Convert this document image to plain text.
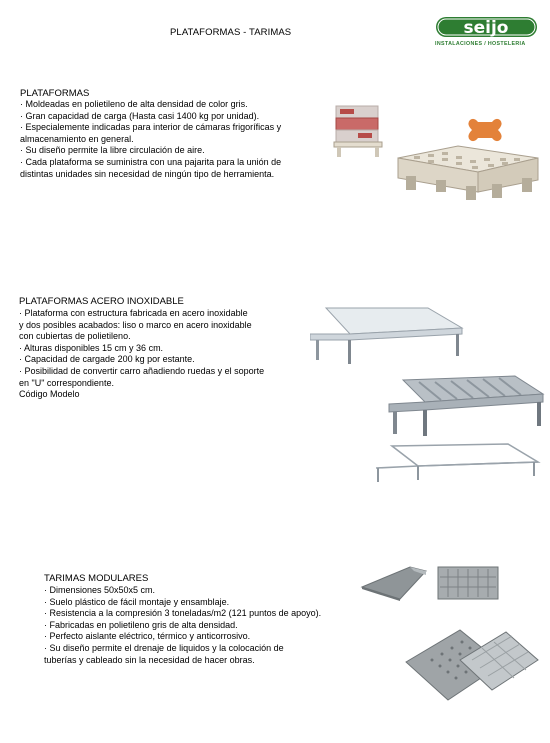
PLATAFORMAS - TARIMAS	seijo
INSTALACIONES / HOSTELERIA
PLATAFORMAS
· Moldeadas en polietileno de alta densidad de color gris.
· Gran capacidad de carga (Hasta casi 1400 kg por unidad).
· Especialemente indicadas para interior de cámaras frigoríficas y
almacenamiento en general.
· Su diseño permite la libre circulación de aire.
· Cada plataforma se suministra con una pajarita para la unión de
distintas unidades sin necesidad de ningún tipo de herramienta.
PLATAFORMAS ACERO INOXIDABLE
· Plataforma con estructura fabricada en acero inoxidable
y dos posibles acabados: liso o marco en acero inoxidable
con cubiertas de polietileno.
· Alturas disponibles 15 cm y 36 cm.
· Capacidad de cargade 200 kg por estante.
· Posibilidad de convertir carro añadiendo ruedas y el soporte
en "U" correspondiente.
Código Modelo
TARIMAS MODULARES
· Dimensiones 50x50x5 cm.
· Suelo plástico de fácil montaje y ensamblaje.
· Resistencia a la compresión 3 toneladas/m2 (121 puntos de apoyo).
· Fabricadas en polietileno gris de alta densidad.
· Perfecto aislante eléctrico, térmico y anticorrosivo.
· Su diseño permite el drenaje de liquidos y la colocación de
tuberías y cableado sin la necesidad de hacer obras.
